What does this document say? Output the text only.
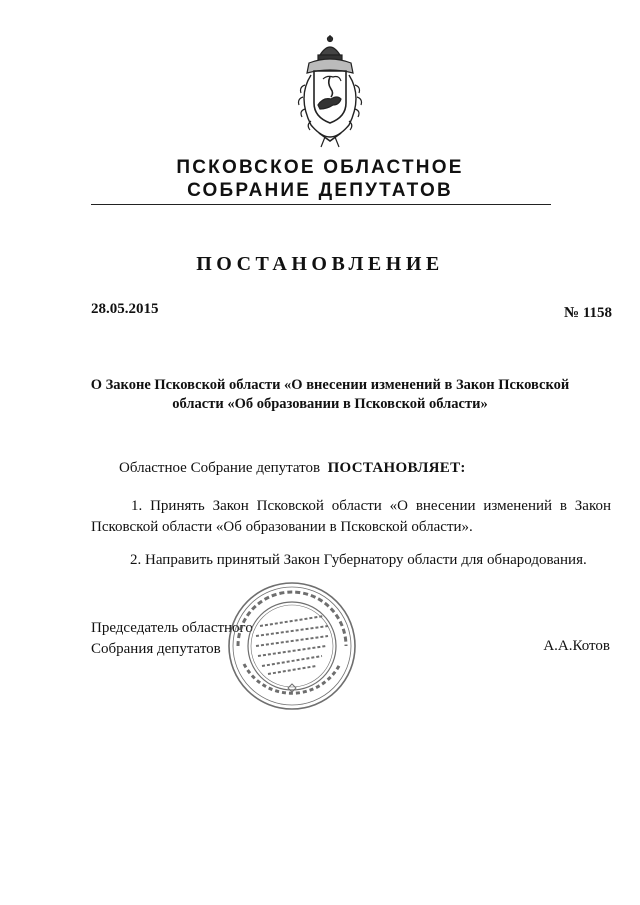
ПСКОВСКОЕ ОБЛАСТНОЕ
СОБРАНИЕ ДЕПУТАТОВ
ПОСТАНОВЛЕНИЕ
28.05.2015	№ 1158
О Законе Псковской области «О внесении изменений в Закон Псковской области «Об образовании в Псковской области»
Областное Собрание депутатов ПОСТАНОВЛЯЕТ:
1. Принять Закон Псковской области «О внесении изменений в Закон Псковской области «Об образовании в Псковской области».
2. Направить принятый Закон Губернатору области для обнародования.
Председатель областного Собрания депутатов	А.А.Котов
